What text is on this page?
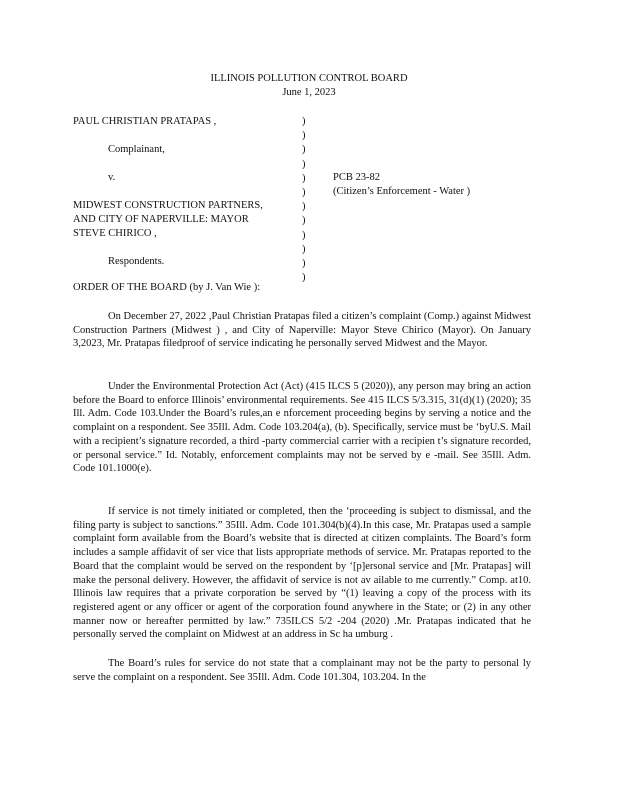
ILLINOIS POLLUTION CONTROL BOARD
June 1, 2023
PAUL CHRISTIAN PRATAPAS ,
Complainant,
v.
MIDWEST CONSTRUCTION PARTNERS,
AND CITY OF NAPERVILLE: MAYOR
STEVE CHIRICO ,
Respondents.
)
)
)
)
)
)
)
)
)
)
)
)
PCB 23-82
(Citizen’s Enforcement - Water )
ORDER OF THE BOARD (by J. Van Wie ):

On December 27, 2022 ,Paul Christian Pratapas filed a citizen’s complaint (Comp.) against Midwest Construction Partners (Midwest ) , and City of Naperville: Mayor Steve Chirico (Mayor). On January 3,2023, Mr. Pratapas filedproof of service indicating he personally served Midwest and the Mayor.

Under the Environmental Protection Act (Act) (415 ILCS 5 (2020)), any person may bring an action before the Board to enforce Illinois’ environmental requirements. See 415 ILCS 5/3.315, 31(d)(1) (2020); 35 Ill. Adm. Code 103.Under the Board’s rules,an e nforcement proceeding begins by serving a notice and the complaint on a respondent. See 35Ill. Adm. Code 103.204(a), (b). Specifically, service must be ‘byU.S. Mail with a recipient’s signature recorded, a third -party commercial carrier with a recipien t’s signature recorded, or personal service.” Id. Notably, enforcement complaints may not be served by e -mail. See 35Ill. Adm. Code 101.1000(e).

If service is not timely initiated or completed, then the ‘proceeding is subject to dismissal, and the filing party is subject to sanctions.” 35Ill. Adm. Code 101.304(b)(4).In this case, Mr. Pratapas used a sample complaint form available from the Board’s website that is directed at citizen complaints. The Board’s form includes a sample affidavit of ser vice that lists appropriate methods of service. Mr. Pratapas reported to the Board that the complaint would be served on the respondent by ‘[p]ersonal service and [Mr. Pratapas] will make the personal delivery. However, the affidavit of service is not av ailable to me currently.” Comp. at10. Illinois law requires that a private corporation be served by “(1) leaving a copy of the process with its registered agent or any officer or agent of the corporation found anywhere in the State; or (2) in any other manner now or hereafter permitted by law.” 735ILCS 5/2 -204 (2020) .Mr. Pratapas indicated that he personally served the complaint on Midwest at an address in Sc ha umburg .

The Board’s rules for service do not state that a complainant may not be the party to personal ly serve the complaint on a respondent. See 35Ill. Adm. Code 101.304, 103.204. In the
